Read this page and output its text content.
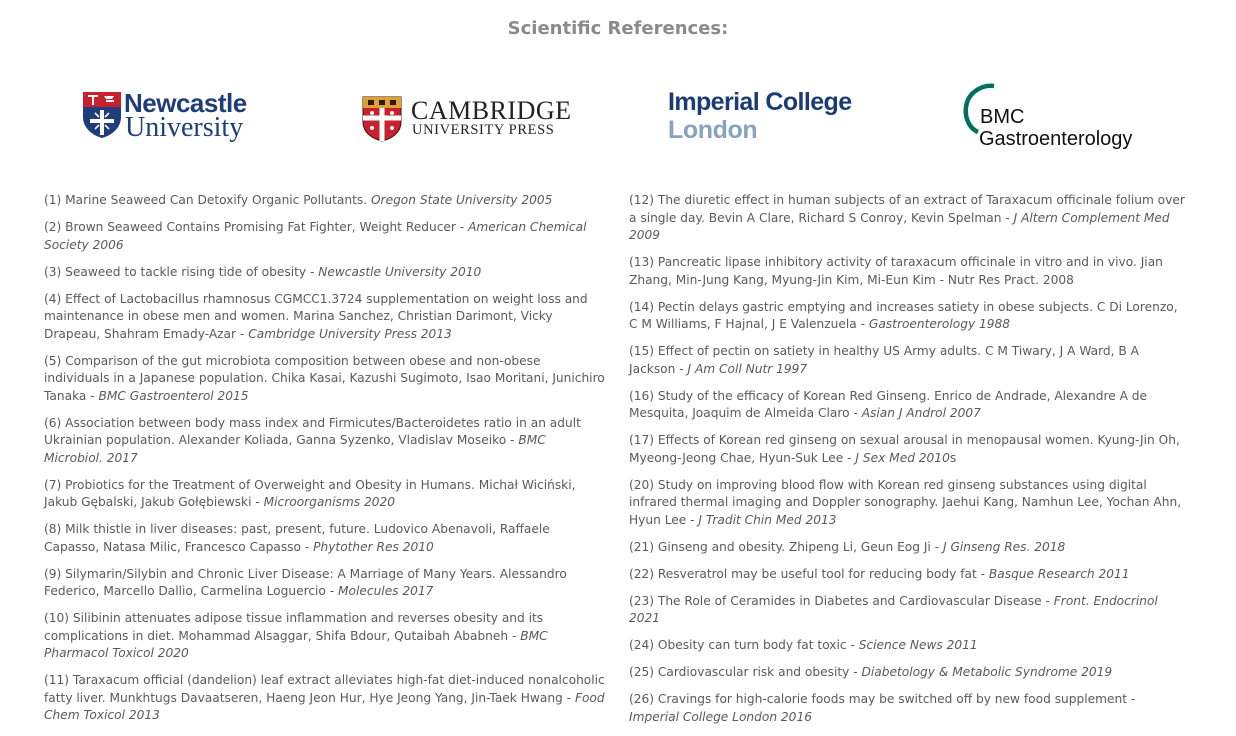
Scientific References:
Newcastle
University
CAMBRIDGE
UNIVERSITY PRESS
Imperial College
London	BMC
Gastroenterology

(1) Marine Seaweed Can Detoxify Organic Pollutants. Oregon State University 2005

(2) Brown Seaweed Contains Promising Fat Fighter, Weight Reducer - American Chemical Society 2006

(3) Seaweed to tackle rising tide of obesity - Newcastle University 2010

(4) Effect of Lactobacillus rhamnosus CGMCC1.3724 supplementation on weight loss and maintenance in obese men and women. Marina Sanchez, Christian Darimont, Vicky Drapeau, Shahram Emady-Azar - Cambridge University Press 2013

(5) Comparison of the gut microbiota composition between obese and non-obese individuals in a Japanese population. Chika Kasai, Kazushi Sugimoto, Isao Moritani, Junichiro Tanaka - BMC Gastroenterol 2015

(6) Association between body mass index and Firmicutes/Bacteroidetes ratio in an adult Ukrainian population. Alexander Koliada, Ganna Syzenko, Vladislav Moseiko - BMC Microbiol. 2017

(7) Probiotics for the Treatment of Overweight and Obesity in Humans. Michał Wiciński, Jakub Gębalski, Jakub Gołębiewski - Microorganisms 2020

(8) Milk thistle in liver diseases: past, present, future. Ludovico Abenavoli, Raffaele Capasso, Natasa Milic, Francesco Capasso - Phytother Res 2010

(9) Silymarin/Silybin and Chronic Liver Disease: A Marriage of Many Years. Alessandro Federico, Marcello Dallio, Carmelina Loguercio - Molecules 2017

(10) Silibinin attenuates adipose tissue inflammation and reverses obesity and its complications in diet. Mohammad Alsaggar, Shifa Bdour, Qutaibah Ababneh - BMC Pharmacol Toxicol 2020

(11) Taraxacum official (dandelion) leaf extract alleviates high-fat diet-induced nonalcoholic fatty liver. Munkhtugs Davaatseren, Haeng Jeon Hur, Hye Jeong Yang, Jin-Taek Hwang - Food Chem Toxicol 2013

(12) The diuretic effect in human subjects of an extract of Taraxacum officinale folium over a single day. Bevin A Clare, Richard S Conroy, Kevin Spelman - J Altern Complement Med 2009

(13) Pancreatic lipase inhibitory activity of taraxacum officinale in vitro and in vivo. Jian Zhang, Min-Jung Kang, Myung-Jin Kim, Mi-Eun Kim - Nutr Res Pract. 2008

(14) Pectin delays gastric emptying and increases satiety in obese subjects. C Di Lorenzo, C M Williams, F Hajnal, J E Valenzuela - Gastroenterology 1988

(15) Effect of pectin on satiety in healthy US Army adults. C M Tiwary, J A Ward, B A Jackson - J Am Coll Nutr 1997

(16) Study of the efficacy of Korean Red Ginseng. Enrico de Andrade, Alexandre A de Mesquita, Joaquim de Almeida Claro - Asian J Androl 2007

(17) Effects of Korean red ginseng on sexual arousal in menopausal women. Kyung-Jin Oh, Myeong-Jeong Chae, Hyun-Suk Lee - J Sex Med 2010s

(20) Study on improving blood flow with Korean red ginseng substances using digital infrared thermal imaging and Doppler sonography. Jaehui Kang, Namhun Lee, Yochan Ahn, Hyun Lee - J Tradit Chin Med 2013

(21) Ginseng and obesity. Zhipeng Li, Geun Eog Ji - J Ginseng Res. 2018

(22) Resveratrol may be useful tool for reducing body fat - Basque Research 2011

(23) The Role of Ceramides in Diabetes and Cardiovascular Disease - Front. Endocrinol 2021

(24) Obesity can turn body fat toxic - Science News 2011

(25) Cardiovascular risk and obesity - Diabetology & Metabolic Syndrome 2019

(26) Cravings for high-calorie foods may be switched off by new food supplement - Imperial College London 2016
